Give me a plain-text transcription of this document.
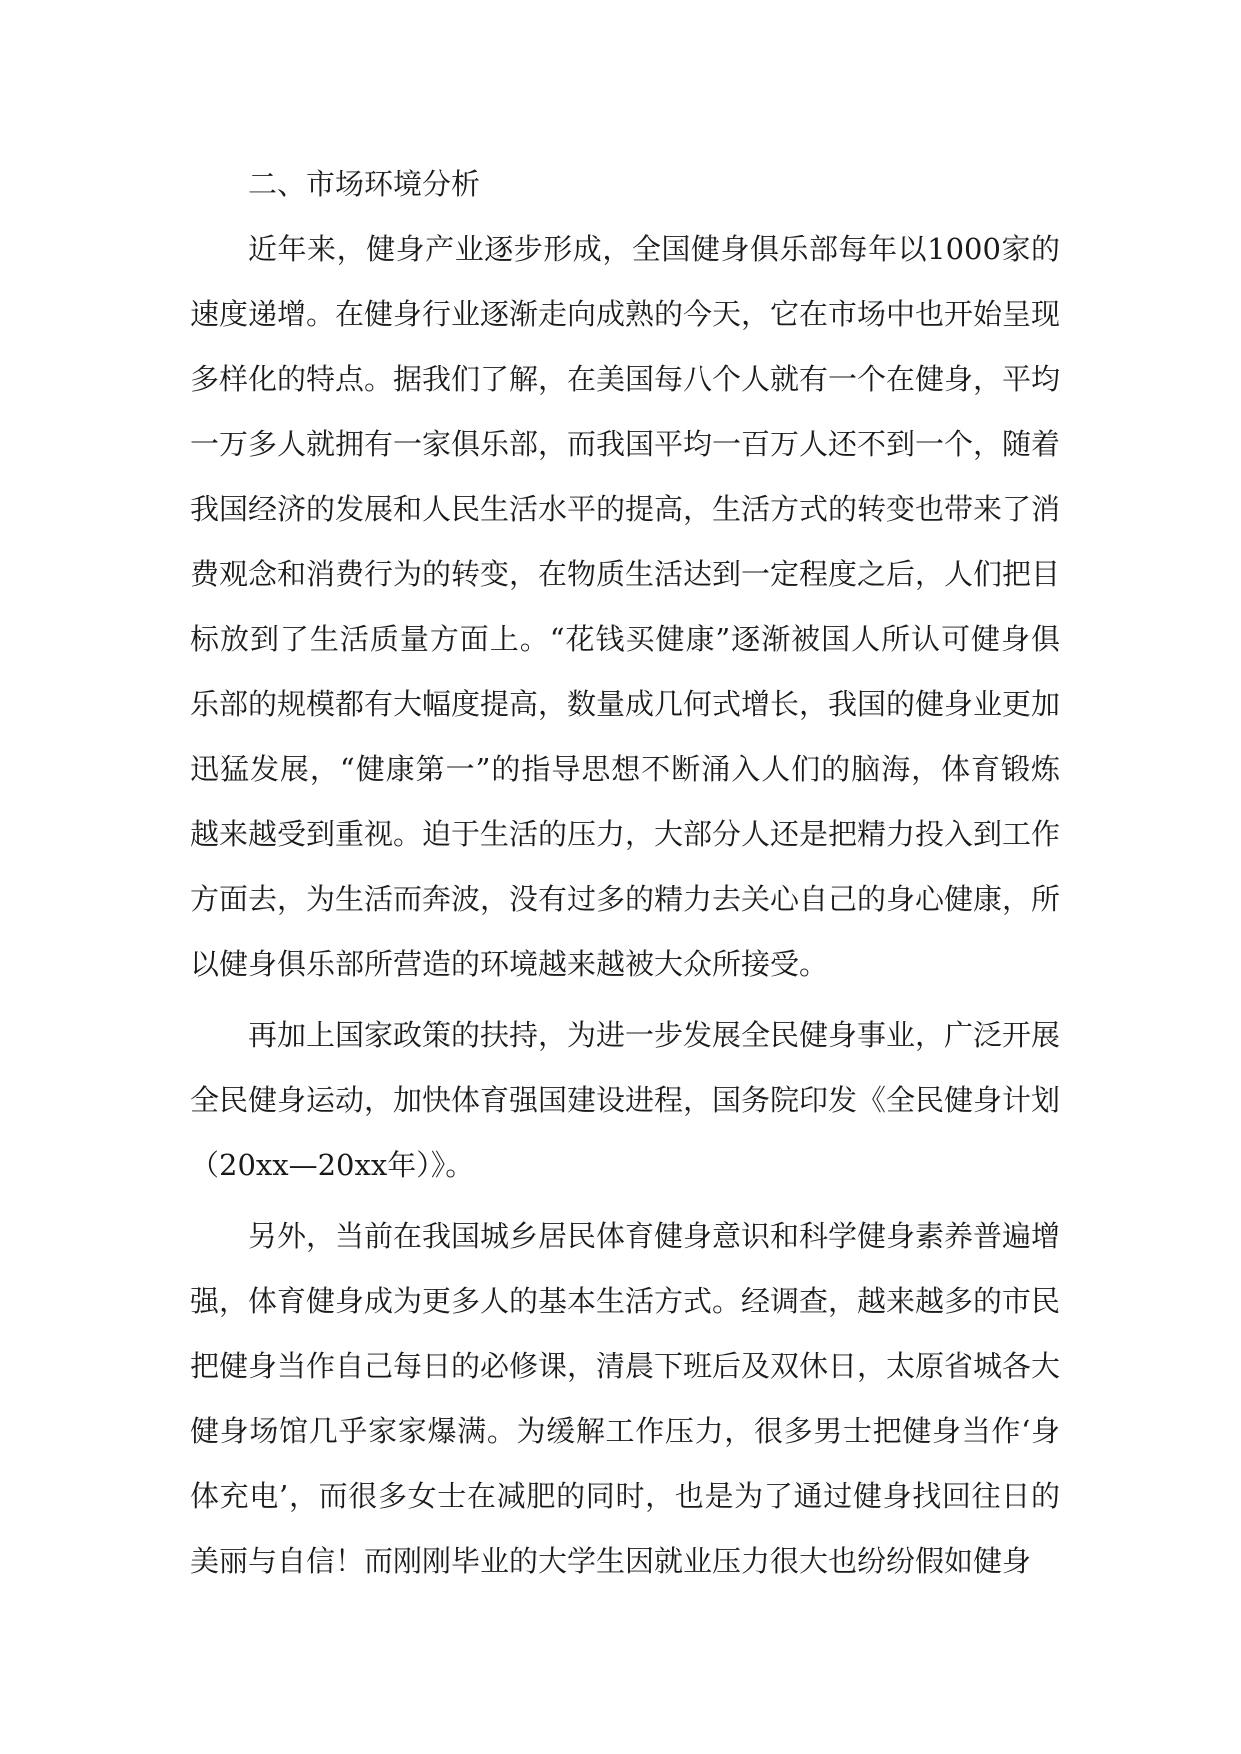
二、市场环境分析

近年来，健身产业逐步形成，全国健身俱乐部每年以1000家的速度递增。在健身行业逐渐走向成熟的今天，它在市场中也开始呈现多样化的特点。据我们了解，在美国每八个人就有一个在健身，平均一万多人就拥有一家俱乐部，而我国平均一百万人还不到一个，随着我国经济的发展和人民生活水平的提高，生活方式的转变也带来了消费观念和消费行为的转变，在物质生活达到一定程度之后，人们把目标放到了生活质量方面上。“花钱买健康”逐渐被国人所认可健身俱乐部的规模都有大幅度提高，数量成几何式增长，我国的健身业更加迅猛发展，“健康第一”的指导思想不断涌入人们的脑海，体育锻炼越来越受到重视。迫于生活的压力，大部分人还是把精力投入到工作方面去，为生活而奔波，没有过多的精力去关心自己的身心健康，所以健身俱乐部所营造的环境越来越被大众所接受。

再加上国家政策的扶持，为进一步发展全民健身事业，广泛开展全民健身运动，加快体育强国建设进程，国务院印发《全民健身计划（20xx—20xx年）》。

另外，当前在我国城乡居民体育健身意识和科学健身素养普遍增强，体育健身成为更多人的基本生活方式。经调查，越来越多的市民把健身当作自己每日的必修课，清晨下班后及双休日，太原省城各大健身场馆几乎家家爆满。为缓解工作压力，很多男士把健身当作‘身体充电’，而很多女士在减肥的同时，也是为了通过健身找回往日的美丽与自信！而刚刚毕业的大学生因就业压力很大也纷纷假如健身
